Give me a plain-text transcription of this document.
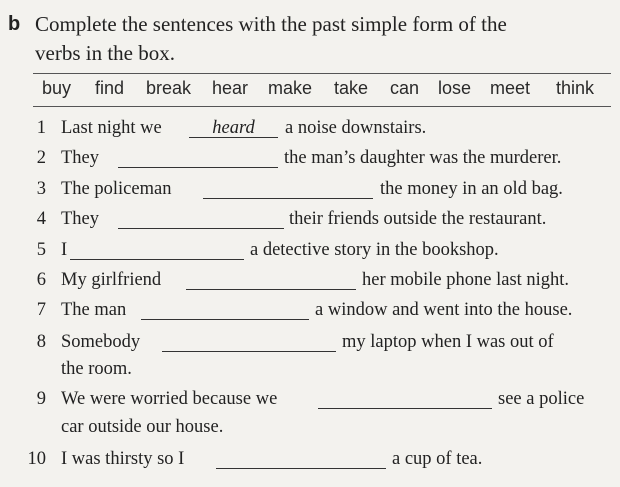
b Complete the sentences with the past simple form of the
verbs in the box.
buy find break hear make take can lose meet think
1 Last night we	heard	a noise downstairs.
2 They	the man’s daughter was the murderer.
3 The policeman	the money in an old bag.
4 They	their friends outside the restaurant.
5 I	a detective story in the bookshop.
6 My girlfriend	her mobile phone last night.
7 The man	a window and went into the house.
8 Somebody	my laptop when I was out of
the room.
9 We were worried because we	see a police
car outside our house.
10 I was thirsty so I	a cup of tea.
